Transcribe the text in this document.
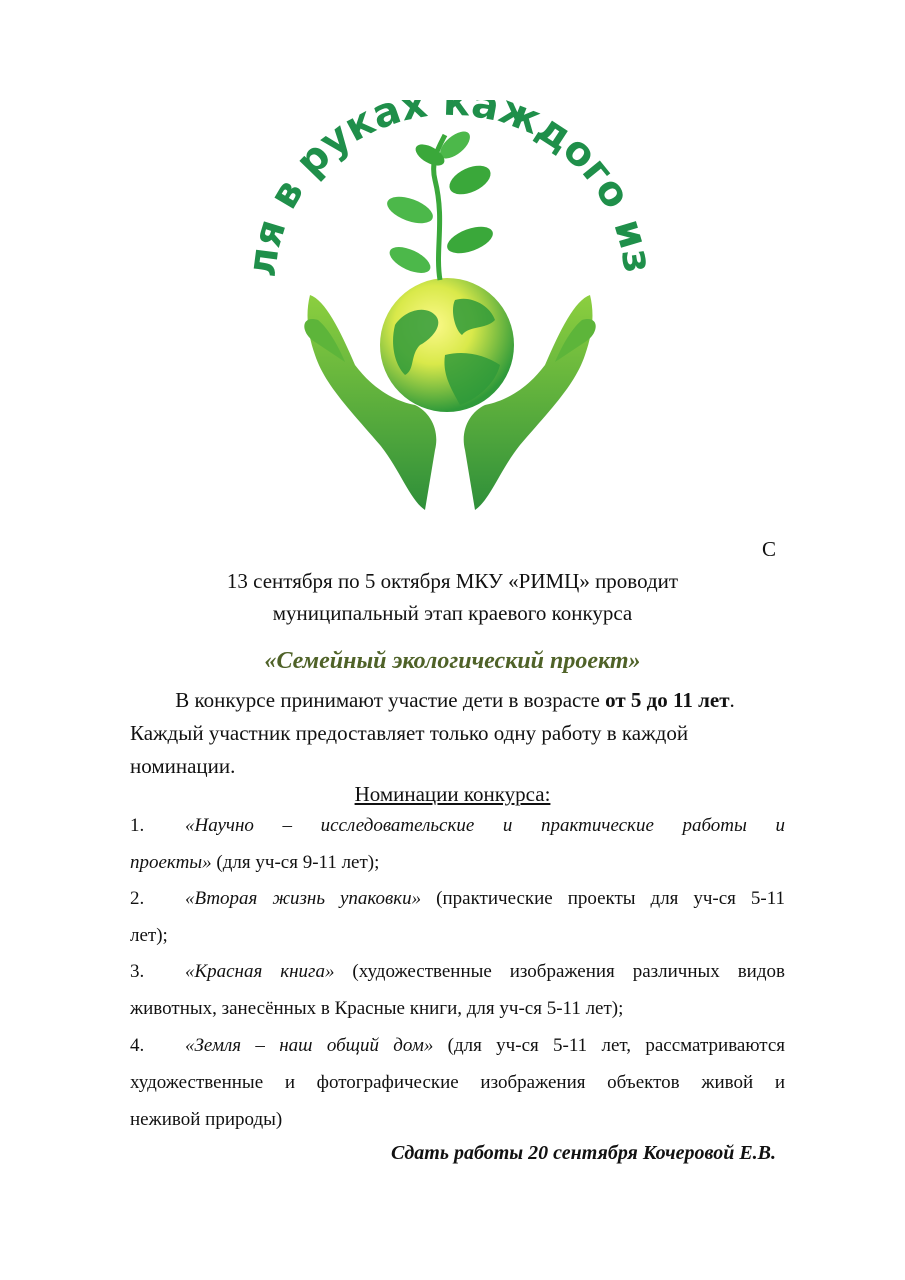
ля в руках каждого из
С
13 сентября по 5 октября МКУ «РИМЦ» проводит
муниципальный этап краевого конкурса
«Семейный экологический проект»
В конкурсе принимают участие дети в возрасте от 5 до 11 лет.
Каждый участник предоставляет только одну работу в каждой
номинации.
Номинации конкурса:
1. «Научно – исследовательские и практические работы и
проекты» (для уч-ся 9-11 лет);
2. «Вторая жизнь упаковки» (практические проекты для уч-ся 5-11
лет);
3. «Красная книга» (художественные изображения различных видов
животных, занесённых в Красные книги, для уч-ся 5-11 лет);
4. «Земля – наш общий дом» (для уч-ся 5-11 лет, рассматриваются
художественные и фотографические изображения объектов живой и
неживой природы)
Сдать работы 20 сентября Кочеровой Е.В.
